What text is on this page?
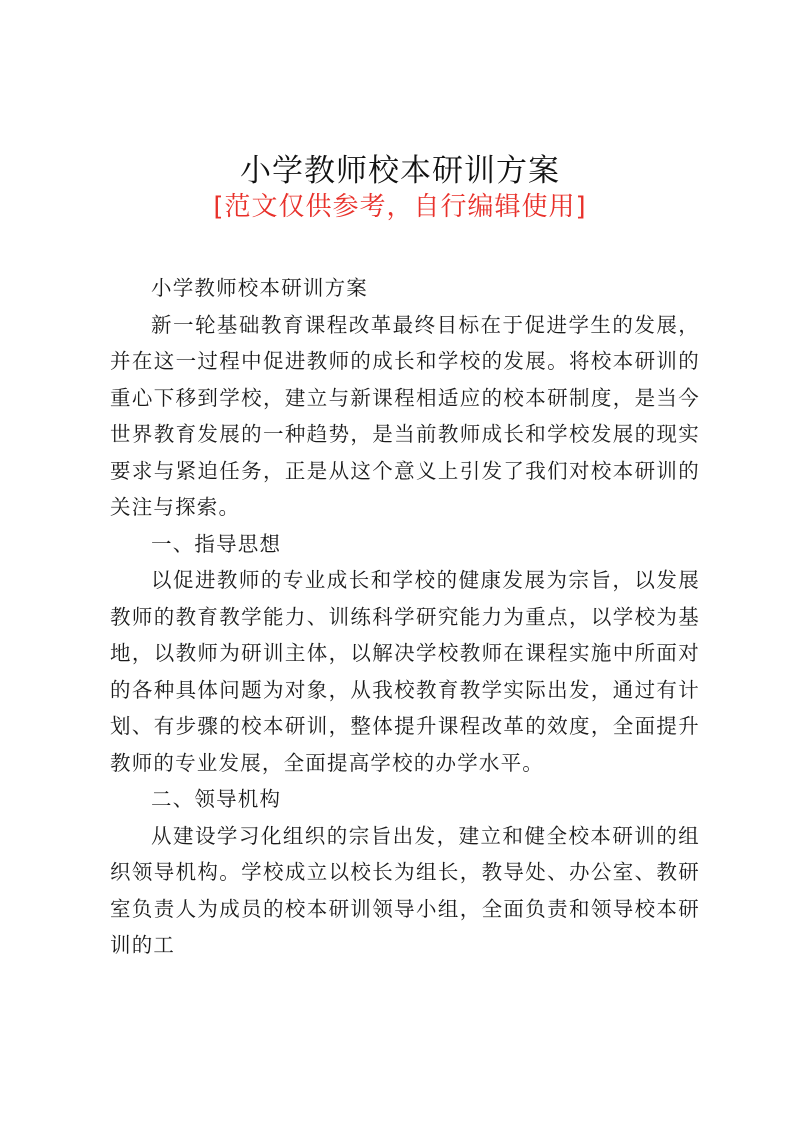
小学教师校本研训方案
[范文仅供参考，自行编辑使用]

小学教师校本研训方案

新一轮基础教育课程改革最终目标在于促进学生的发展，并在这一过程中促进教师的成长和学校的发展。将校本研训的重心下移到学校，建立与新课程相适应的校本研制度，是当今世界教育发展的一种趋势，是当前教师成长和学校发展的现实要求与紧迫任务，正是从这个意义上引发了我们对校本研训的关注与探索。

一、指导思想

以促进教师的专业成长和学校的健康发展为宗旨，以发展教师的教育教学能力、训练科学研究能力为重点，以学校为基地，以教师为研训主体，以解决学校教师在课程实施中所面对的各种具体问题为对象，从我校教育教学实际出发，通过有计划、有步骤的校本研训，整体提升课程改革的效度，全面提升教师的专业发展，全面提高学校的办学水平。

二、领导机构

从建设学习化组织的宗旨出发，建立和健全校本研训的组织领导机构。学校成立以校长为组长，教导处、办公室、教研室负责人为成员的校本研训领导小组，全面负责和领导校本研训的工
